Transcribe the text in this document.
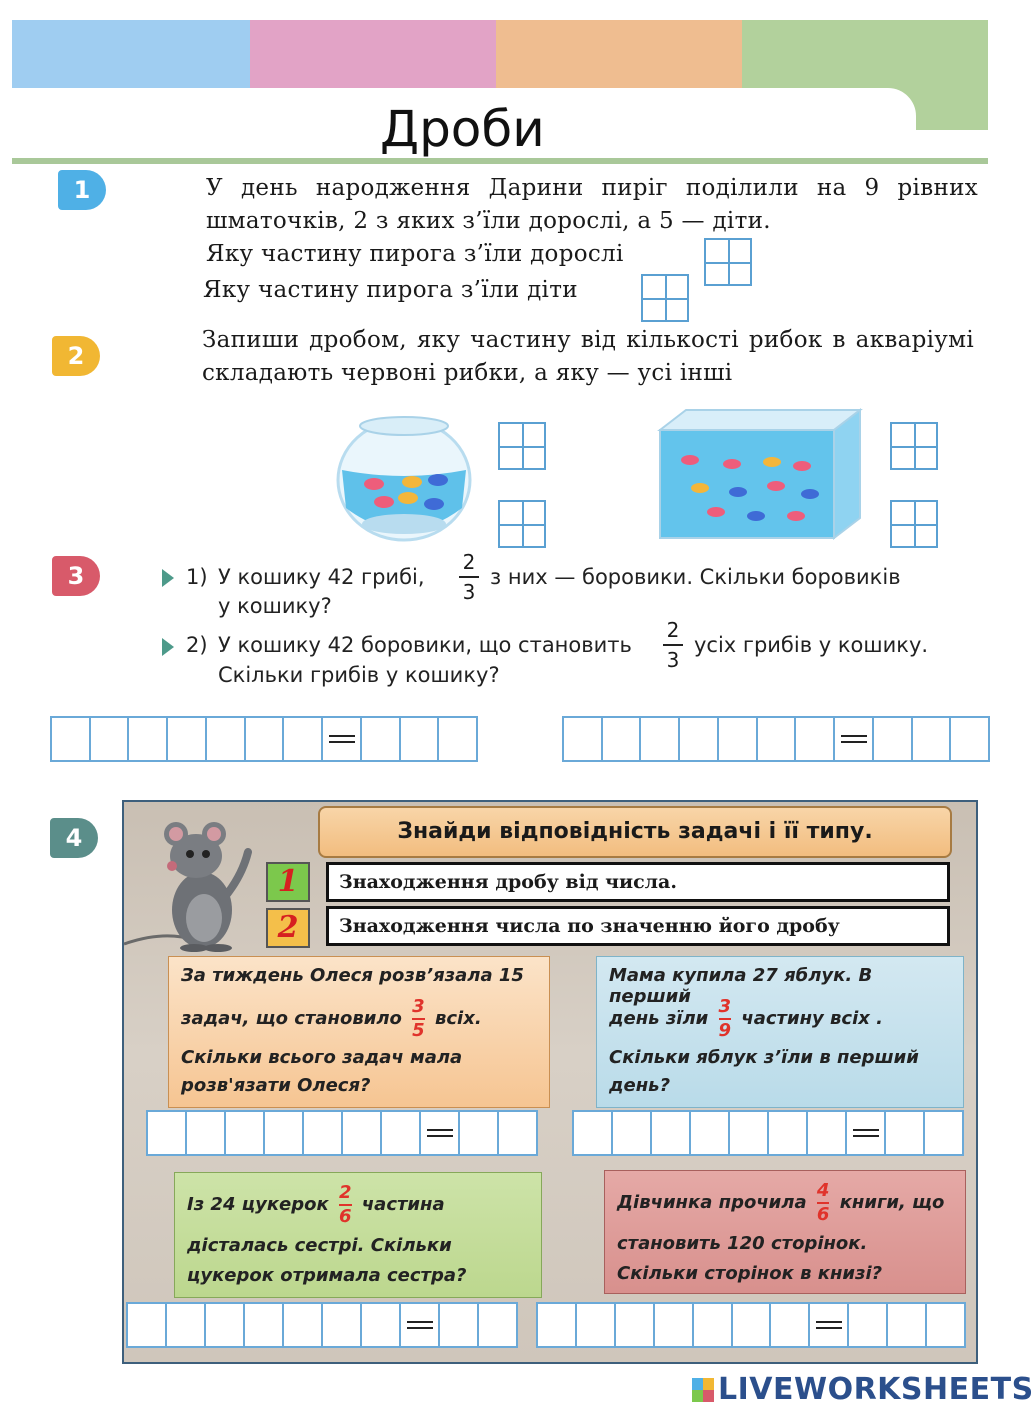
Дроби
1	У день народження Дарини пиріг поділили на 9 рівних шматочків, 2 з яких з’їли дорослі, а 5 — діти.
Яку частину пирога з’їли дорослі
Яку частину пирога з’їли діти
2
Запиши дробом, яку частину від кількості рибок в акваріумі складають червоні рибки, а яку — усі інші
3	1) У кошику 42 грибі,
2
3
з них — боровики. Скільки боровиків
у кошику?
2) У кошику 42 боровики, що становить
2
3
усіх грибів у кошику.
Скільки грибів у кошику?
4	Знайди відповідність задачі і її типу.
1	Знаходження дробу від числа.
2	Знаходження числа по значенню його дробу
За тиждень Олеся розв’язала 15
задач, що становило $\frac{3}{5}$ всіх.
Скільки всього задач мала
розв'язати Олеся?
Мама купила 27 яблук. В перший
день зїли $\frac{3}{9}$ частину всіх .
Скільки яблук з’їли в перший
день?
Із 24 цукерок $\frac{2}{6}$ частина
дісталась сестрі. Скільки
цукерок отримала сестра?
Дівчинка прочила $\frac{4}{6}$ книги, що
становить 120 сторінок.
Скільки сторінок в книзі?
LIVEWORKSHEETS
